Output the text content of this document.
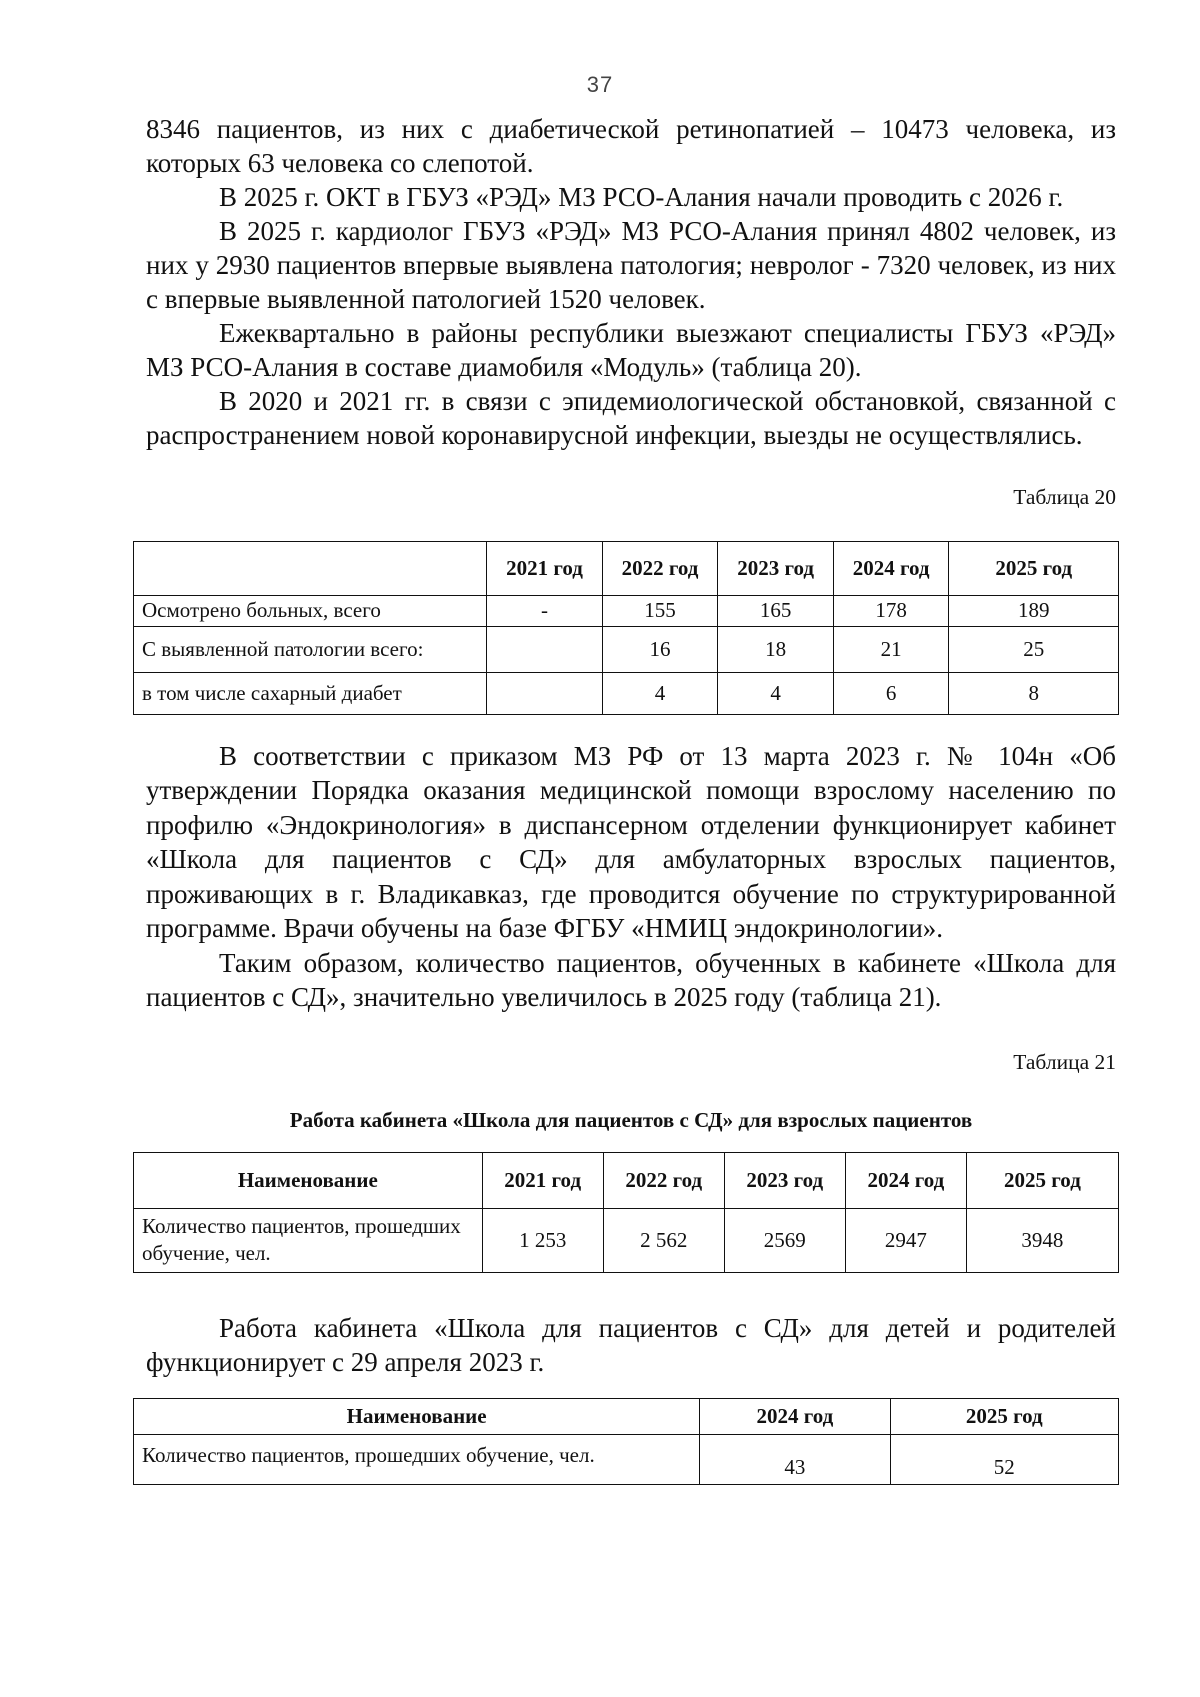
37

8346 пациентов, из них с диабетической ретинопатией – 10473 человека, из которых 63 человека со слепотой.

В 2025 г. ОКТ в ГБУЗ «РЭД» МЗ РСО-Алания начали проводить с 2026 г.

В 2025 г. кардиолог ГБУЗ «РЭД» МЗ РСО-Алания принял 4802 человек, из них у 2930 пациентов впервые выявлена патология; невролог - 7320 человек, из них с впервые выявленной патологией 1520 человек.

Ежеквартально в районы республики выезжают специалисты ГБУЗ «РЭД» МЗ РСО-Алания в составе диамобиля «Модуль» (таблица 20).

В 2020 и 2021 гг. в связи с эпидемиологической обстановкой, связанной с распространением новой коронавирусной инфекции, выезды не осуществлялись.

Таблица 20

	2021 год	2022 год	2023 год	2024 год	2025 год
Осмотрено больных, всего	-	155	165	178	189
С выявленной патологии всего:		16	18	21	25
в том числе сахарный диабет		4	4	6	8

В соответствии с приказом МЗ РФ от 13 марта 2023 г. № 104н «Об утверждении Порядка оказания медицинской помощи взрослому населению по профилю «Эндокринология» в диспансерном отделении функционирует кабинет «Школа для пациентов с СД» для амбулаторных взрослых пациентов, проживающих в г. Владикавказ, где проводится обучение по структурированной программе. Врачи обучены на базе ФГБУ «НМИЦ эндокринологии».

Таким образом, количество пациентов, обученных в кабинете «Школа для пациентов с СД», значительно увеличилось в 2025 году (таблица 21).

Таблица 21

Работа кабинета «Школа для пациентов с СД» для взрослых пациентов

Наименование	2021 год	2022 год	2023 год	2024 год	2025 год
Количество пациентов, прошедших обучение, чел.	1 253	2 562	2569	2947	3948

Работа кабинета «Школа для пациентов с СД» для детей и родителей функционирует с 29 апреля 2023 г.

Наименование	2024 год	2025 год
Количество пациентов, прошедших обучение, чел.	43	52
